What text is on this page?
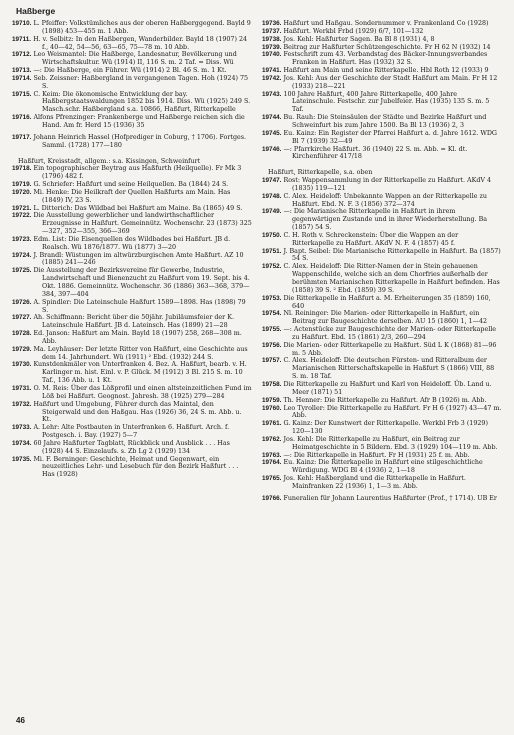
Haßberge

19710. L. Pfeiffer: Volkstümliches aus der oberen Haßberggegend. Bayld 9 (1898) 453—455 m. 1 Abb.

19711. H. v. Selbitz: In den Haßbergen, Wanderbilder. Bayld 18 (1907) 24 f., 40—42, 54—56, 63—65, 75—78 m. 10 Abb.

19712. Leo Weismantel: Die Haßberge, Landesnatur, Bevölkerung und Wirtschaftskultur. Wü (1914) II, 116 S. m. 2 Taf. = Diss. Wü

19713. —: Die Haßberge, ein Führer. Wü (1914) 2 Bl. 46 S. m. 1 Kt.

19714. Seb. Zeissner: Haßbergland in vergangenen Tagen. Hoh (1924) 75 S.

19715. C. Keim: Die ökonomische Entwicklung der bay. Haßbergstaatswaldungen 1852 bis 1914. Diss. Wü (1925) 249 S. Masch.schr. Haßbergland s.a. 10866, Haßfurt, Ritterkapelle

19716. Alfons Pfrenzinger: Frankenberge und Haßberge reichen sich die Hand. Am fr. Herd 15 (1936) 35

19717. Johann Heinrich Hassel (Hofprediger in Coburg, † 1706). Fortges. Samml. (1728) 177—180

Haßfurt, Kreisstadt, allgem.: s.a. Kissingen, Schweinfurt

19718. Ein topographischer Beytrag aus Haßfurth (Heilquelle). Fr Mk 3 (1796) 482 f.

19719. G. Schriefer: Haßfurt und seine Heilquellen. Ba (1844) 24 S.

19720. Mi. Henke: Die Heilkraft der Quellen Haßfurts am Main. Has (1849) IV, 23 S.

19721. L. Ditterich: Das Wildbad bei Haßfurt am Maine. Ba (1865) 49 S.

19722. Die Ausstellung gewerblicher und landwirthschaftlicher Erzeugnisse in Haßfurt. Gemeinnütz. Wochenschr. 23 (1873) 325—327, 352—355, 366—369

19723. Edm. List: Die Eisenquellen des Wildbades bei Haßfurt. JB d. Realsch. Wü 1876/1877. Wü (1877) 3—20

19724. J. Brandl: Wüstungen im altwürzburgischen Amte Haßfurt. AZ 10 (1885) 241—246

19725. Die Ausstellung der Bezirksvereine für Gewerbe, Industrie, Landwirtschaft und Bienenzucht zu Haßfurt vom 19. Sept. bis 4. Okt. 1886. Gemeinnütz. Wochenschr. 36 (1886) 363—368, 379—384, 397—404

19726. A. Spindler: Die Lateinschule Haßfurt 1589—1898. Has (1898) 79 S.

19727. Ah. Schiffmann: Bericht über die 50jähr. Jubiläumsfeier der K. Lateinschule Haßfurt. JB d. Lateinsch. Has (1899) 21—28

19728. Ed. Janson: Haßfurt am Main. Bayld 18 (1907) 258, 268—308 m. Abb.

19729. Ma. Leyhäuser: Der letzte Ritter von Haßfurt, eine Geschichte aus dem 14. Jahrhundert. Wü (1911) ² Ebd. (1932) 244 S.

19730. Kunstdenkmäler von Unterfranken 4. Bez. A. Haßfurt, bearb. v. H. Karlinger m. hist. Einl. v. P. Glück. M (1912) 3 Bl. 215 S. m. 10 Taf., 136 Abb. u. 1 Kt.

19731. O. M. Reis: Über das Lößprofil und einen altsteinzeitlichen Fund im Löß bei Haßfurt. Geognost. Jahresh. 38 (1925) 279—284

19732. Haßfurt und Umgebung, Führer durch das Maintal, den Steigerwald und den Haßgau. Has (1926) 36, 24 S. m. Abb. u. Kt.

19733. A. Lehr: Alte Postbauten in Unterfranken 6. Haßfurt. Arch. f. Postgesch. i. Bay. (1927) 5—7

19734. 60 Jahre Haßfurter Tagblatt, Rückblick und Ausblick . . . Has (1928) 44 S. Einzelaufs. s. Zb Lg 2 (1929) 134

19735. Mi. F. Berninger: Geschichte, Heimat und Gegenwart, ein neuzeitliches Lehr- und Lesebuch für den Bezirk Haßfurt . . . Has (1928)

19736. Haßfurt und Haßgau. Sondernummer v. Frankenland Co (1928)

19737. Haßfurt. Werkbl Frbd (1929) 6/7, 101—132

19738. Jos. Kehl: Haßfurter Sagen. Ba Bl 8 (1931) 4, 8

19739. Beitrag zur Haßfurter Schützengeschichte. Fr H 62 N (1932) 14

19740. Festschrift zum 43. Verbandstag des Bäcker-Innungsverbandes Franken in Haßfurt. Has (1932) 32 S.

19741. Haßfurt am Main und seine Ritterkapelle. Hbl Roth 12 (1933) 9

19742. Jos. Kehl: Aus der Geschichte der Stadt Haßfurt am Main. Fr H 12 (1933) 218—221

19743. 100 Jahre Haßfurt, 400 Jahre Ritterkapelle, 400 Jahre Lateinschule. Festschr. zur Jubelfeier. Has (1935) 135 S. m. 5 Taf.

19744. Bu. Rauh: Die Steinsäulen der Städte und Bezirke Haßfurt und Schweinfurt bis zum Jahre 1500. Ba Bl 13 (1936) 2, 3

19745. Eu. Kainz: Ein Register der Pfarrei Haßfurt a. d. Jahre 1612. WDG Bl 7 (1939) 32—49

19746. —: Pfarrkirche Haßfurt. 36 (1940) 22 S. m. Abb. = Kl. dt. Kirchenführer 417/18

Haßfurt, Ritterkapelle, s.a. oben

19747. Rost: Wappensammlung in der Ritterkapelle zu Haßfurt. AKdV 4 (1835) 119—121

19748. C. Alex. Heideloff: Unbekannte Wappen an der Ritterkapelle zu Haßfurt. Ebd. N. F. 3 (1856) 372—374

19749. —: Die Marianische Ritterkapelle in Haßfurt in ihrem gegenwärtigen Zustande und in ihrer Wiederherstellung. Ba (1857) 54 S.

19750. C. H. Roth v. Schreckenstein: Über die Wappen an der Ritterkapelle zu Haßfurt. AKdV N. F. 4 (1857) 45 f.

19751. J. Bapt. Seibel: Die Marianische Ritterkapelle in Haßfurt. Ba (1857) 54 S.

19752. C. Alex. Heideloff: Die Ritter-Namen der in Stein gehauenen Wappenschilde, welche sich an dem Chorfries außerhalb der berühmten Marianischen Ritterkapelle in Haßfurt befinden. Has (1858) 39 S. ² Ebd. (1859) 39 S.

19753. Die Ritterkapelle in Haßfurt a. M. Erheiterungen 35 (1859) 160, 640

19754. Nl. Reininger: Die Marien- oder Ritterkapelle in Haßfurt, ein Beitrag zur Baugeschichte derselben. AU 15 (1860) 1, 1—42

19755. —: Actenstücke zur Baugeschichte der Marien- oder Ritterkapelle zu Haßfurt. Ebd. 15 (1861) 2/3, 260—294

19756. Die Marien- oder Ritterkapelle zu Haßfurt. Süd L K (1868) 81—96 m. 5 Abb.

19757. C. Alex. Heideloff: Die deutschen Fürsten- und Ritteralbum der Marianischen Ritterschaftskapelle in Haßfurt S (1866) VIII, 88 S. m. 18 Taf.

19758. Die Ritterkapelle zu Haßfurt und Karl von Heideloff. Üb. Land u. Meer (1871) 51

19759. Th. Henner: Die Ritterkapelle zu Haßfurt. Afr B (1926) m. Abb.

19760. Leo Tyroller: Die Ritterkapelle zu Haßfurt. Fr H 6 (1927) 43—47 m. Abb.

19761. G. Kainz: Der Kunstwert der Ritterkapelle. Werkbl Frb 3 (1929) 120—130

19762. Jos. Kehl: Die Ritterkapelle zu Haßfurt, ein Beitrag zur Heimatgeschichte in 5 Bildern. Ebd. 3 (1929) 104—119 m. Abb.

19763. —: Die Ritterkapelle in Haßfurt. Fr H (1931) 25 f. m. Abb.

19764. Eu. Kainz: Die Ritterkapelle in Haßfurt eine stilgeschichtliche Würdigung. WDG Bl 4 (1936) 2, 1—18

19765. Jos. Kehl: Haßbergland und die Ritterkapelle in Haßfurt. Mainfranken 22 (1936) 1, 1—3 m. Abb.

19766. Funeralien für Johann Laurentius Haßfurter (Prof., † 1714). UB Er

46
